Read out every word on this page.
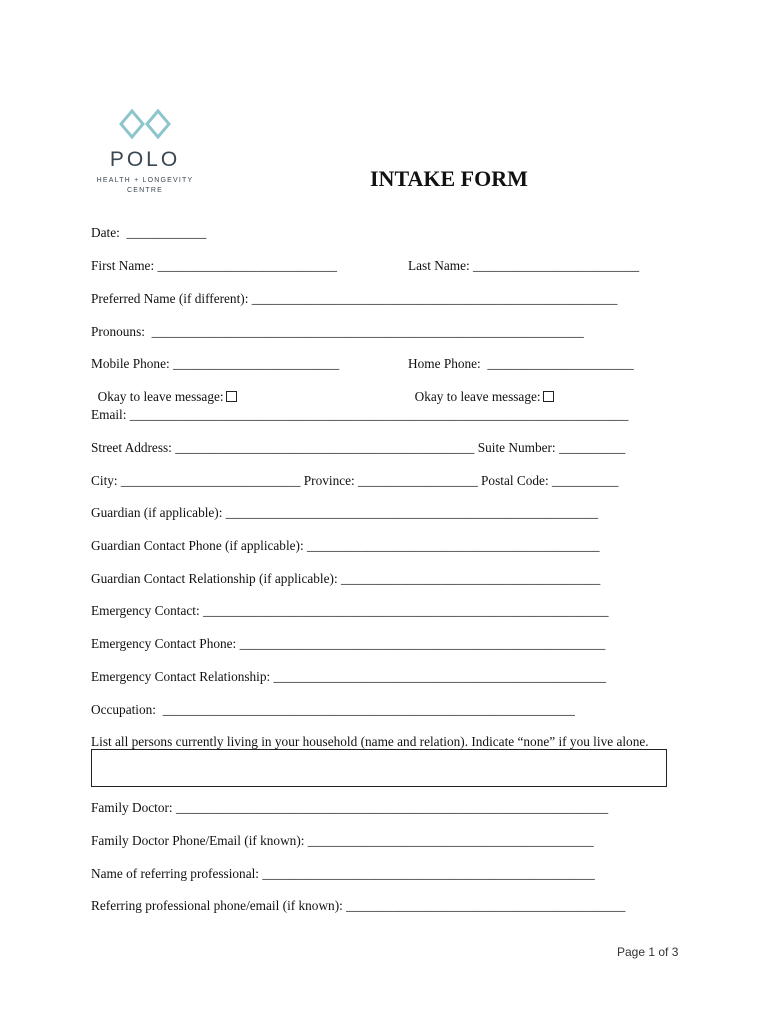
POLO
HEALTH + LONGEVITY
CENTRE	INTAKE FORM
Date:  ____________
First Name: ___________________________	Last Name: _________________________
Preferred Name (if different): _______________________________________________________
Pronouns:  _________________________________________________________________
Mobile Phone: _________________________

Okay to leave message:

Home Phone:  ______________________

Okay to leave message:

Email: ___________________________________________________________________________
Street Address: _____________________________________________ Suite Number: __________
City: ___________________________ Province: __________________ Postal Code: __________
Guardian (if applicable): ________________________________________________________
Guardian Contact Phone (if applicable): ____________________________________________
Guardian Contact Relationship (if applicable): _______________________________________
Emergency Contact: _____________________________________________________________
Emergency Contact Phone: _______________________________________________________
Emergency Contact Relationship: __________________________________________________
Occupation:  ______________________________________________________________
List all persons currently living in your household (name and relation). Indicate “none” if you live alone.
Family Doctor: _________________________________________________________________
Family Doctor Phone/Email (if known): ___________________________________________
Name of referring professional: __________________________________________________
Referring professional phone/email (if known): __________________________________________
Page 1 of 3
